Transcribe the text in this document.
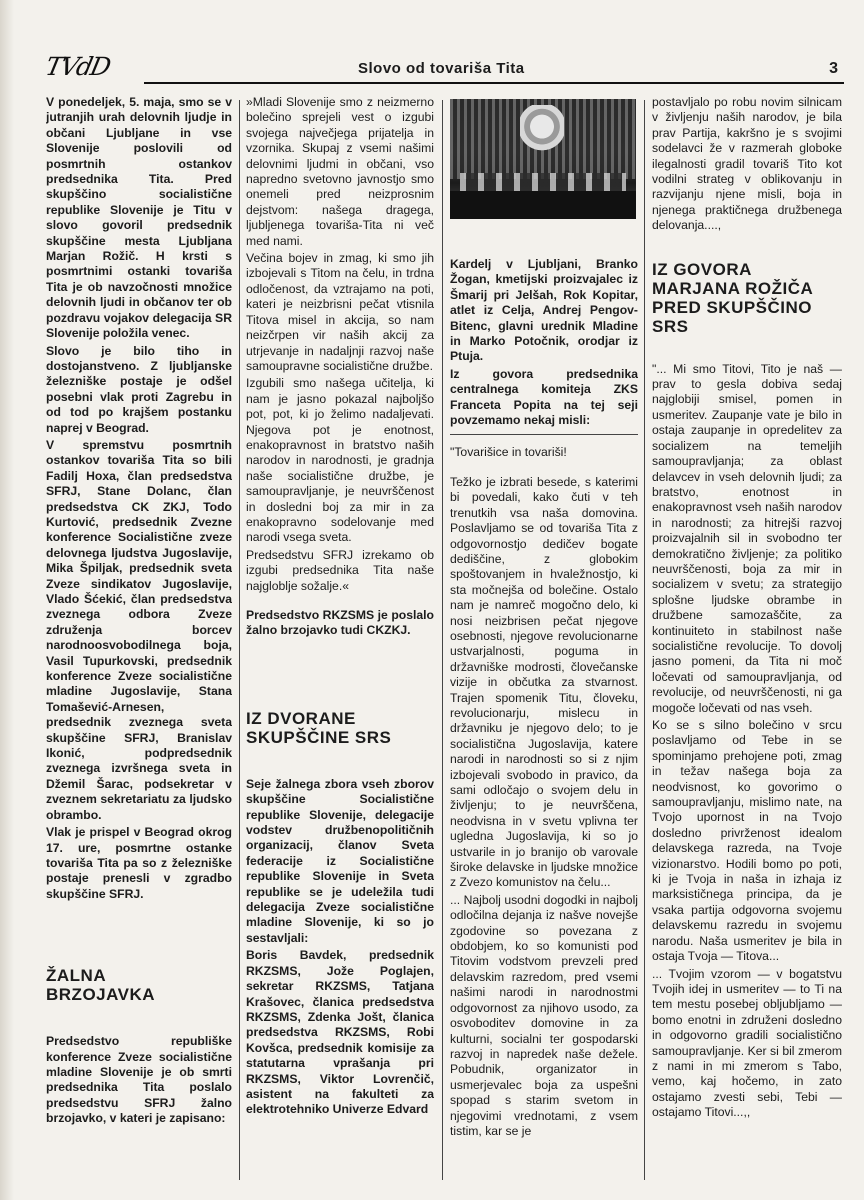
TVdD	Slovo od tovariša Tita	3

V ponedeljek, 5. maja, smo se v jutranjih urah delovnih ljudje in občani Ljubljane in vse Slovenije poslovili od posmrtnih ostankov predsednika Tita. Pred skupščino socialistične republike Slovenije je Titu v slovo govoril predsednik skupščine mesta Ljubljana Marjan Rožič. H krsti s posmrtnimi ostanki tovariša Tita je ob navzočnosti množice delovnih ljudi in občanov ter ob pozdravu vojakov delegacija SR Slovenije položila venec.

Slovo je bilo tiho in dostojanstveno. Z ljubljanske železniške postaje je odšel posebni vlak proti Zagrebu in od tod po krajšem postanku naprej v Beograd.

V spremstvu posmrtnih ostankov tovariša Tita so bili Fadilj Hoxa, član predsedstva SFRJ, Stane Dolanc, član predsedstva CK ZKJ, Todo Kurtović, predsednik Zvezne konference Socialistične zveze delovnega ljudstva Jugoslavije, Mika Špiljak, predsednik sveta Zveze sindikatov Jugoslavije, Vlado Šćekić, član predsedstva zveznega odbora Zveze združenja borcev narodnoosvobodilnega boja, Vasil Tupurkovski, predsednik konference Zveze socialistične mladine Jugoslavije, Stana Tomašević-Arnesen, predsednik zveznega sveta skupščine SFRJ, Branislav Ikonić, podpredsednik zveznega izvršnega sveta in Džemil Šarac, podsekretar v zveznem sekretariatu za ljudsko obrambo.

Vlak je prispel v Beograd okrog 17. ure, posmrtne ostanke tovariša Tita pa so z železniške postaje prenesli v zgradbo skupščine SFRJ.

ŽALNA
BRZOJAVKA

Predsedstvo republiške konference Zveze socialistične mladine Slovenije je ob smrti predsednika Tita poslalo predsedstvu SFRJ žalno brzojavko, v kateri je zapisano:

»Mladi Slovenije smo z neizmerno bolečino sprejeli vest o izgubi svojega največjega prijatelja in vzornika. Skupaj z vsemi našimi delovnimi ljudmi in občani, vso napredno svetovno javnostjo smo onemeli pred neizprosnim dejstvom: našega dragega, ljubljenega tovariša-Tita ni več med nami.

Večina bojev in zmag, ki smo jih izbojevali s Titom na čelu, in trdna odločenost, da vztrajamo na poti, kateri je neizbrisni pečat vtisnila Titova misel in akcija, so nam neizčrpen vir naših akcij za utrjevanje in nadaljnji razvoj naše samoupravne socialistične družbe.

Izgubili smo našega učitelja, ki nam je jasno pokazal najboljšo pot, pot, ki jo želimo nadaljevati. Njegova pot je enotnost, enakopravnost in bratstvo naših narodov in narodnosti, je gradnja naše socialistične družbe, je samoupravljanje, je neuvrščenost in dosledni boj za mir in za enakopravno sodelovanje med narodi vsega sveta.

Predsedstvu SFRJ izrekamo ob izgubi predsednika Tita naše najgloblje sožalje.«

Predsedstvo RKZSMS je poslalo žalno brzojavko tudi CKZKJ.

IZ DVORANE
SKUPŠČINE SRS

Seje žalnega zbora vseh zborov skupščine Socialistične republike Slovenije, delegacije vodstev družbenopolitičnih organizacij, članov Sveta federacije iz Socialistične republike Slovenije in Sveta republike se je udeležila tudi delegacija Zveze socialistične mladine Slovenije, ki so jo sestavljali:

Boris Bavdek, predsednik RKZSMS, Jože Poglajen, sekretar RKZSMS, Tatjana Krašovec, članica predsedstva RKZSMS, Zdenka Jošt, članica predsedstva RKZSMS, Robi Kovšca, predsednik komisije za statutarna vprašanja pri RKZSMS, Viktor Lovrenčič, asistent na fakulteti za elektrotehniko Univerze Edvard

Kardelj v Ljubljani, Branko Žogan, kmetijski proizvajalec iz Šmarij pri Jelšah, Rok Kopitar, atlet iz Celja, Andrej Pengov-Bitenc, glavni urednik Mladine in Marko Potočnik, orodjar iz Ptuja.

Iz govora predsednika centralnega komiteja ZKS Franceta Popita na tej seji povzemamo nekaj misli:

"Tovarišice in tovariši!

Težko je izbrati besede, s katerimi bi povedali, kako čuti v teh trenutkih vsa naša domovina. Poslavljamo se od tovariša Tita z odgovornostjo dedičev bogate dediščine, z globokim spoštovanjem in hvaležnostjo, ki sta močnejša od bolečine. Ostalo nam je namreč mogočno delo, ki nosi neizbrisen pečat njegove osebnosti, njegove revolucionarne ustvarjalnosti, poguma in državniške modrosti, človečanske vizije in občutka za stvarnost. Trajen spomenik Titu, človeku, revolucionarju, mislecu in državniku je njegovo delo; to je socialistična Jugoslavija, katere narodi in narodnosti so si z njim izbojevali svobodo in pravico, da sami odločajo o svojem delu in življenju; to je neuvrščena, neodvisna in v svetu vplivna ter ugledna Jugoslavija, ki so jo ustvarile in jo branijo ob varovale široke delavske in ljudske množice z Zvezo komunistov na čelu...

... Najbolj usodni dogodki in najbolj odločilna dejanja iz našve novejše zgodovine so povezana z obdobjem, ko so komunisti pod Titovim vodstvom prevzeli pred delavskim razredom, pred vsemi našimi narodi in narodnostmi odgovornost za njihovo usodo, za osvoboditev domovine in za kulturni, socialni ter gospodarski razvoj in napredek naše dežele. Pobudnik, organizator in usmerjevalec boja za uspešni spopad s starim svetom in njegovimi vrednotami, z vsem tistim, kar se je

postavljalo po robu novim silnicam v življenju naših narodov, je bila prav Partija, kakršno je s svojimi sodelavci že v razmerah globoke ilegalnosti gradil tovariš Tito kot vodilni strateg v oblikovanju in razvijanju njene misli, boja in njenega praktičnega družbenega delovanja....,

IZ GOVORA
MARJANA ROŽIČA
PRED SKUPŠČINO
SRS

"... Mi smo Titovi, Tito je naš — prav to gesla dobiva sedaj najglobiji smisel, pomen in usmeritev. Zaupanje vate je bilo in ostaja zaupanje in opredelitev za socializem na temeljih samoupravljanja; za oblast delavcev in vseh delovnih ljudi; za bratstvo, enotnost in enakopravnost vseh naših narodov in narodnosti; za hitrejši razvoj proizvajalnih sil in svobodno ter demokratično življenje; za politiko neuvrščenosti, boja za mir in socializem v svetu; za strategijo splošne ljudske obrambe in družbene samozaščite, za kontinuiteto in stabilnost naše socialistične revolucije. To dovolj jasno pomeni, da Tita ni moč ločevati od samoupravljanja, od revolucije, od neuvrščenosti, ni ga mogoče ločevati od nas vseh.

Ko se s silno bolečino v srcu poslavljamo od Tebe in se spominjamo prehojene poti, zmag in težav našega boja za neodvisnost, ko govorimo o samoupravljanju, mislimo nate, na Tvojo upornost in na Tvojo dosledno privrženost idealom delavskega razreda, na Tvoje vizionarstvo. Hodili bomo po poti, ki je Tvoja in naša in izhaja iz marksističnega principa, da je vsaka partija odgovorna svojemu delavskemu razredu in svojemu narodu. Naša usmeritev je bila in ostaja Tvoja — Titova...

... Tvojim vzorom — v bogatstvu Tvojih idej in usmeritev — to Ti na tem mestu posebej obljubljamo — bomo enotni in združeni dosledno in odgovorno gradili socialistično samoupravljanje. Ker si bil zmerom z nami in mi zmerom s Tabo, vemo, kaj hočemo, in zato ostajamo zvesti sebi, Tebi — ostajamo Titovi...,,
